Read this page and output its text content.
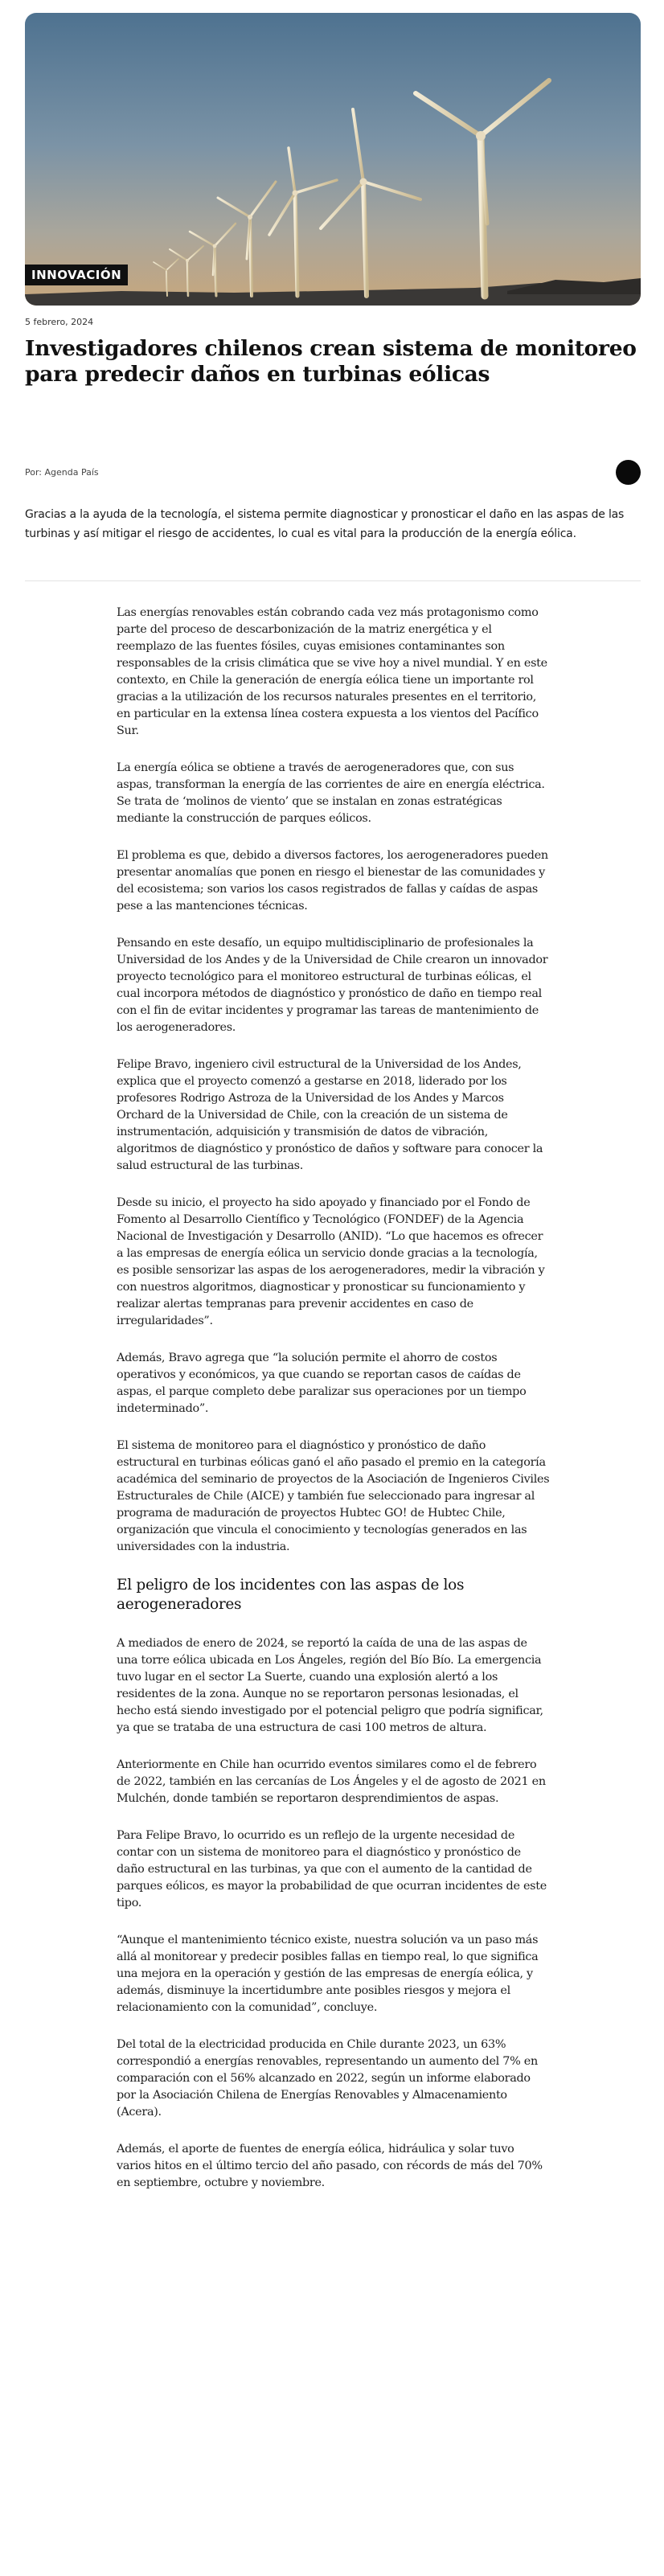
INNOVACIÓN
5 febrero, 2024
Investigadores chilenos crean sistema de monitoreo para predecir daños en turbinas eólicas
Por: Agenda País

Gracias a la ayuda de la tecnología, el sistema permite diagnosticar y pronosticar el daño en las aspas de las turbinas y así mitigar el riesgo de accidentes, lo cual es vital para la producción de la energía eólica.

Las energías renovables están cobrando cada vez más protagonismo como parte del proceso de descarbonización de la matriz energética y el reemplazo de las fuentes fósiles, cuyas emisiones contaminantes son responsables de la crisis climática que se vive hoy a nivel mundial. Y en este contexto, en Chile la generación de energía eólica tiene un importante rol gracias a la utilización de los recursos naturales presentes en el territorio, en particular en la extensa línea costera expuesta a los vientos del Pacífico Sur.

La energía eólica se obtiene a través de aerogeneradores que, con sus aspas, transforman la energía de las corrientes de aire en energía eléctrica. Se trata de ‘molinos de viento’ que se instalan en zonas estratégicas mediante la construcción de parques eólicos.

El problema es que, debido a diversos factores, los aerogeneradores pueden presentar anomalías que ponen en riesgo el bienestar de las comunidades y del ecosistema; son varios los casos registrados de fallas y caídas de aspas pese a las mantenciones técnicas.

Pensando en este desafío, un equipo multidisciplinario de profesionales la Universidad de los Andes y de la Universidad de Chile crearon un innovador proyecto tecnológico para el monitoreo estructural de turbinas eólicas, el cual incorpora métodos de diagnóstico y pronóstico de daño en tiempo real con el fin de evitar incidentes y programar las tareas de mantenimiento de los aerogeneradores.

Felipe Bravo, ingeniero civil estructural de la Universidad de los Andes, explica que el proyecto comenzó a gestarse en 2018, liderado por los profesores Rodrigo Astroza de la Universidad de los Andes y Marcos Orchard de la Universidad de Chile, con la creación de un sistema de instrumentación, adquisición y transmisión de datos de vibración, algoritmos de diagnóstico y pronóstico de daños y software para conocer la salud estructural de las turbinas.

Desde su inicio, el proyecto ha sido apoyado y financiado por el Fondo de Fomento al Desarrollo Científico y Tecnológico (FONDEF) de la Agencia Nacional de Investigación y Desarrollo (ANID). “Lo que hacemos es ofrecer a las empresas de energía eólica un servicio donde gracias a la tecnología, es posible sensorizar las aspas de los aerogeneradores, medir la vibración y con nuestros algoritmos, diagnosticar y pronosticar su funcionamiento y realizar alertas tempranas para prevenir accidentes en caso de irregularidades”.

Además, Bravo agrega que “la solución permite el ahorro de costos operativos y económicos, ya que cuando se reportan casos de caídas de aspas, el parque completo debe paralizar sus operaciones por un tiempo indeterminado”.

El sistema de monitoreo para el diagnóstico y pronóstico de daño estructural en turbinas eólicas ganó el año pasado el premio en la categoría académica del seminario de proyectos de la Asociación de Ingenieros Civiles Estructurales de Chile (AICE) y también fue seleccionado para ingresar al programa de maduración de proyectos Hubtec GO! de Hubtec Chile, organización que vincula el conocimiento y tecnologías generados en las universidades con la industria.

El peligro de los incidentes con las aspas de los aerogeneradores

A mediados de enero de 2024, se reportó la caída de una de las aspas de una torre eólica ubicada en Los Ángeles, región del Bío Bío. La emergencia tuvo lugar en el sector La Suerte, cuando una explosión alertó a los residentes de la zona. Aunque no se reportaron personas lesionadas, el hecho está siendo investigado por el potencial peligro que podría significar, ya que se trataba de una estructura de casi 100 metros de altura.

Anteriormente en Chile han ocurrido eventos similares como el de febrero de 2022, también en las cercanías de Los Ángeles y el de agosto de 2021 en Mulchén, donde también se reportaron desprendimientos de aspas.

Para Felipe Bravo, lo ocurrido es un reflejo de la urgente necesidad de contar con un sistema de monitoreo para el diagnóstico y pronóstico de daño estructural en las turbinas, ya que con el aumento de la cantidad de parques eólicos, es mayor la probabilidad de que ocurran incidentes de este tipo.

“Aunque el mantenimiento técnico existe, nuestra solución va un paso más allá al monitorear y predecir posibles fallas en tiempo real, lo que significa una mejora en la operación y gestión de las empresas de energía eólica, y además, disminuye la incertidumbre ante posibles riesgos y mejora el relacionamiento con la comunidad”, concluye.

Del total de la electricidad producida en Chile durante 2023, un 63% correspondió a energías renovables, representando un aumento del 7% en comparación con el 56% alcanzado en 2022, según un informe elaborado por la Asociación Chilena de Energías Renovables y Almacenamiento (Acera).

Además, el aporte de fuentes de energía eólica, hidráulica y solar tuvo varios hitos en el último tercio del año pasado, con récords de más del 70% en septiembre, octubre y noviembre.
